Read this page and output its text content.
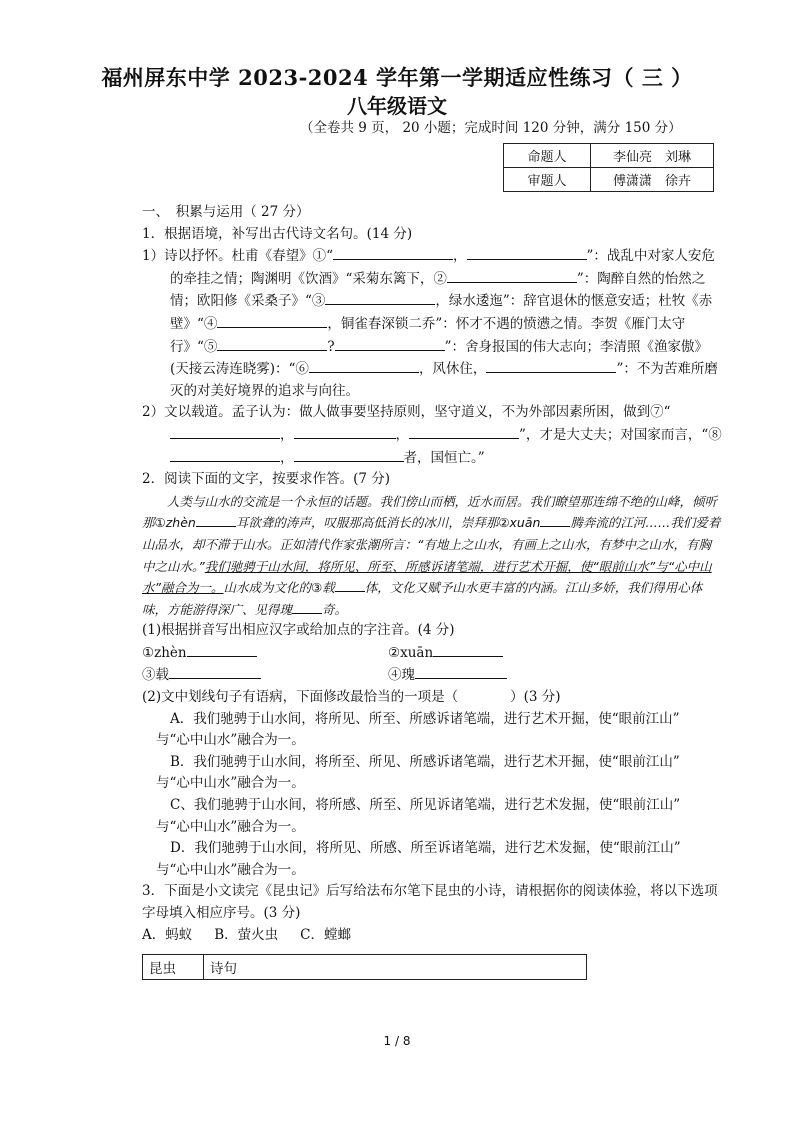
福州屏东中学 2023-2024 学年第一学期适应性练习（ 三 ）
八年级语文
（全卷共 9 页， 20 小题；完成时间 120 分钟，满分 150 分）
命题人	李仙亮　刘琳
审题人	傅潇潇　徐卉

一、　积累与运用（ 27 分）

1．根据语境，补写出古代诗文名句。(14 分)

1）诗以抒怀。杜甫《春望》①“	，	”：战乱中对家人安危的牵挂之情；陶渊明《饮酒》“采菊东篱下，②	”：陶醉自然的怡然之情；欧阳修《采桑子》“③	，绿水逶迤”：辞官退休的惬意安适；杜牧《赤壁》“④	，铜雀春深锁二乔”：怀才不遇的愤懑之情。李贺《雁门太守行》“⑤	?	”：舍身报国的伟大志向；李清照《渔家傲》(天接云涛连晓雾)：“⑥	，风休住，	”：不为苦难所磨灭的对美好境界的追求与向往。

2）文以载道。孟子认为：做人做事要坚持原则，坚守道义，不为外部因素所困，做到⑦“，	，	”，才是大丈夫；对国家而言，“⑧，	者，国恒亡。”

2．阅读下面的文字，按要求作答。(7 分)

人类与山水的交流是一个永恒的话题。我们傍山而栖，近水而居。我们瞭望那连绵不绝的山峰，倾听那①zhèn	耳欲聋的涛声，叹服那高低消长的冰川，崇拜那②xuān 腾奔流的江河……我们爱着山品水，却不滞于山水。正如清代作家张潮所言：“有地上之山水，有画上之山水，有梦中之山水，有胸中之山水。”我们驰骋于山水间，将所见、所至、所感诉诸笔端，进行艺术开掘，使“眼前山水”与“心中山水”融合为一。山水成为文化的③载 体，文化又赋予山水更丰富的内涵。江山多娇，我们得用心体味，方能游得深广、见得瑰 奇。

(1)根据拼音写出相应汉字或给加点的字注音。(4 分)

①zhèn	②xuān
③载	④瑰

(2)文中划线句子有语病，下面修改最恰当的一项是（	）(3 分)

A．我们驰骋于山水间，将所见、所至、所感诉诸笔端，进行艺术开掘，使“眼前江山”

与“心中山水”融合为一。

B．我们驰骋于山水间，将所至、所见、所感诉诸笔端，进行艺术开掘，使“眼前江山”

与“心中山水”融合为一。

C、我们驰骋于山水间，将所感、所至、所见诉诸笔端，进行艺术发掘，使“眼前江山”

与“心中山水”融合为一。

D．我们驰骋于山水间，将所见、所感、所至诉诸笔端，进行艺术发掘，使“眼前江山”

与“心中山水”融合为一。

3．下面是小文读完《昆虫记》后写给法布尔笔下昆虫的小诗，请根据你的阅读体验，将以下选项字母填入相应序号。(3 分)

A．蚂蚁 B．萤火虫 C．螳螂

昆虫	诗句
1 / 8
